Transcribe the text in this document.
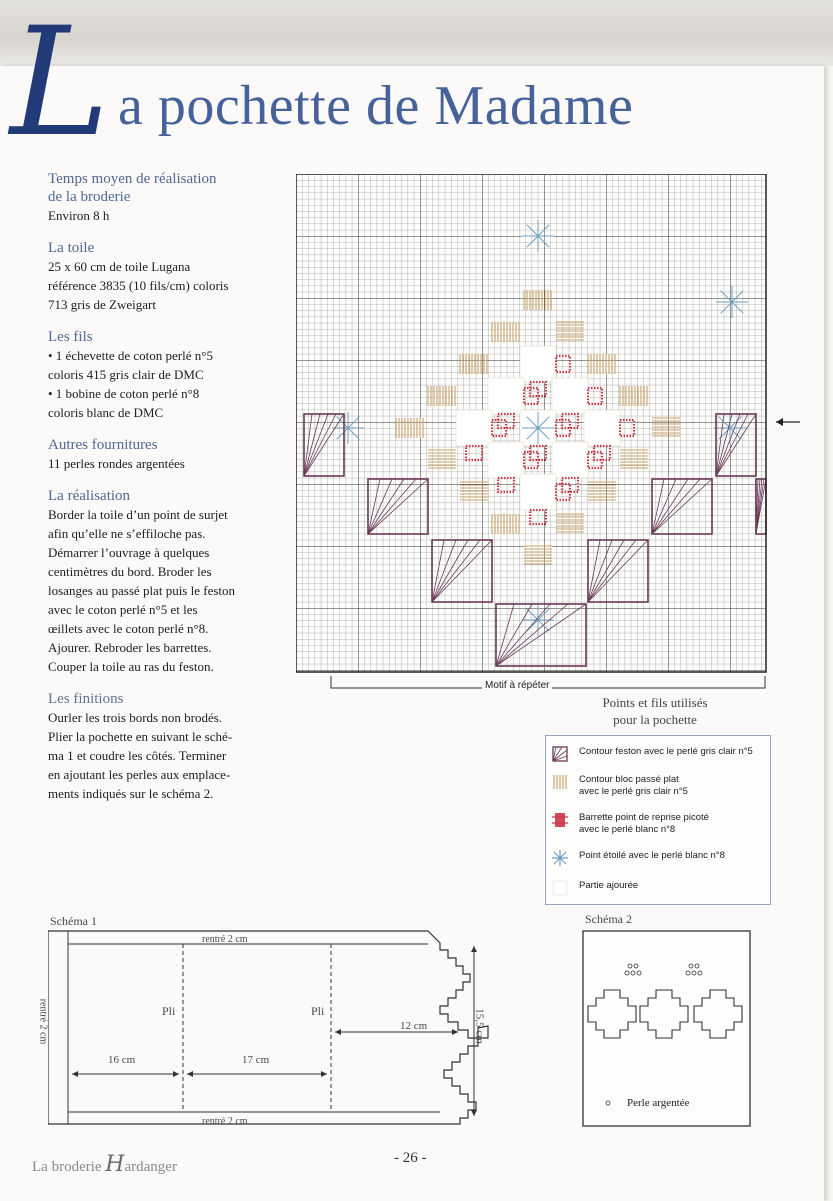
L a pochette de Madame
Temps moyen de réalisation
de la broderie
Environ 8 h
La toile
25 x 60 cm de toile Lugana
référence 3835 (10 fils/cm) coloris
713 gris de Zweigart
Les fils
• 1 échevette de coton perlé n°5
coloris 415 gris clair de DMC
• 1 bobine de coton perlé n°8
coloris blanc de DMC
Autres fournitures
11 perles rondes argentées
La réalisation
Border la toile d’un point de surjet
afin qu’elle ne s’effiloche pas.
Démarrer l’ouvrage à quelques
centimètres du bord. Broder les
losanges au passé plat puis le feston
avec le coton perlé n°5 et les
œillets avec le coton perlé n°8.
Ajourer. Rebroder les barrettes.
Couper la toile au ras du feston.
Les finitions
Ourler les trois bords non brodés.
Plier la pochette en suivant le sché-
ma 1 et coudre les côtés. Terminer
en ajoutant les perles aux emplace-
ments indiqués sur le schéma 2.
Motif à répéter
Points et fils utilisés
pour la pochette
Contour feston avec le perlé gris clair n°5
Contour bloc passé plat
avec le perlé gris clair n°5
Barrette point de reprise picoté
avec le perlé blanc n°8
Point étoilé avec le perlé blanc n°8
Partie ajourée
Schéma 1
rentré 2 cm
rentré 2 cm
rentré 2 cm	Pli	Pli
16 cm	17 cm
12 cm	15,5 cm
Schéma 2
Perle argentée
La broderie Hardanger
- 26 -
